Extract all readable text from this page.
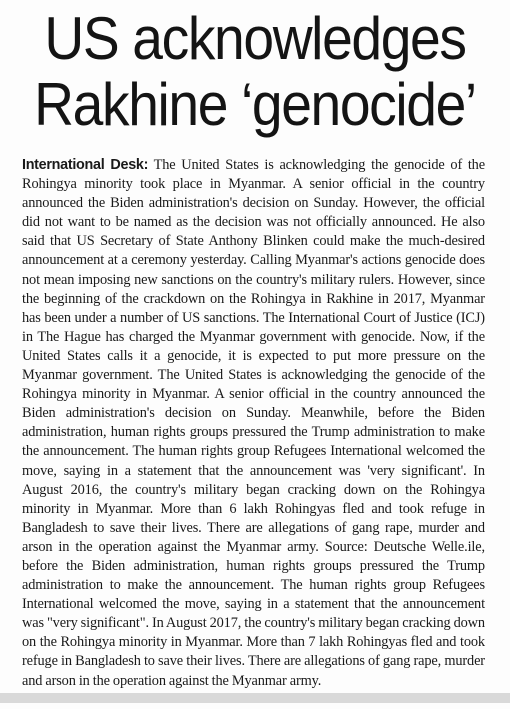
US acknowledges
Rakhine ‘genocide’

International Desk: The United States is acknowledging the genocide of the Rohingya minority took place in Myanmar. A senior official in the country announced the Biden administration's decision on Sunday. However, the official did not want to be named as the decision was not officially announced. He also said that US Secretary of State Anthony Blinken could make the much-desired announcement at a ceremony yesterday. Calling Myanmar's actions genocide does not mean imposing new sanctions on the country's military rulers. However, since the beginning of the crackdown on the Rohingya in Rakhine in 2017, Myanmar has been under a number of US sanctions. The International Court of Justice (ICJ) in The Hague has charged the Myanmar government with genocide. Now, if the United States calls it a genocide, it is expected to put more pressure on the Myanmar government. The United States is acknowledging the genocide of the Rohingya minority in Myanmar. A senior official in the country announced the Biden administration's decision on Sunday. Meanwhile, before the Biden administration, human rights groups pressured the Trump administration to make the announcement. The human rights group Refugees International welcomed the move, saying in a statement that the announcement was 'very significant'. In August 2016, the country's military began cracking down on the Rohingya minority in Myanmar. More than 6 lakh Rohingyas fled and took refuge in Bangladesh to save their lives. There are allegations of gang rape, murder and arson in the operation against the Myanmar army. Source: Deutsche Welle.ile, before the Biden administration, human rights groups pressured the Trump administration to make the announcement. The human rights group Refugees International welcomed the move, saying in a statement that the announcement was "very significant". In August 2017, the country's military began cracking down on the Rohingya minority in Myanmar. More than 7 lakh Rohingyas fled and took refuge in Bangladesh to save their lives. There are allegations of gang rape, murder and arson in the operation against the Myanmar army.
